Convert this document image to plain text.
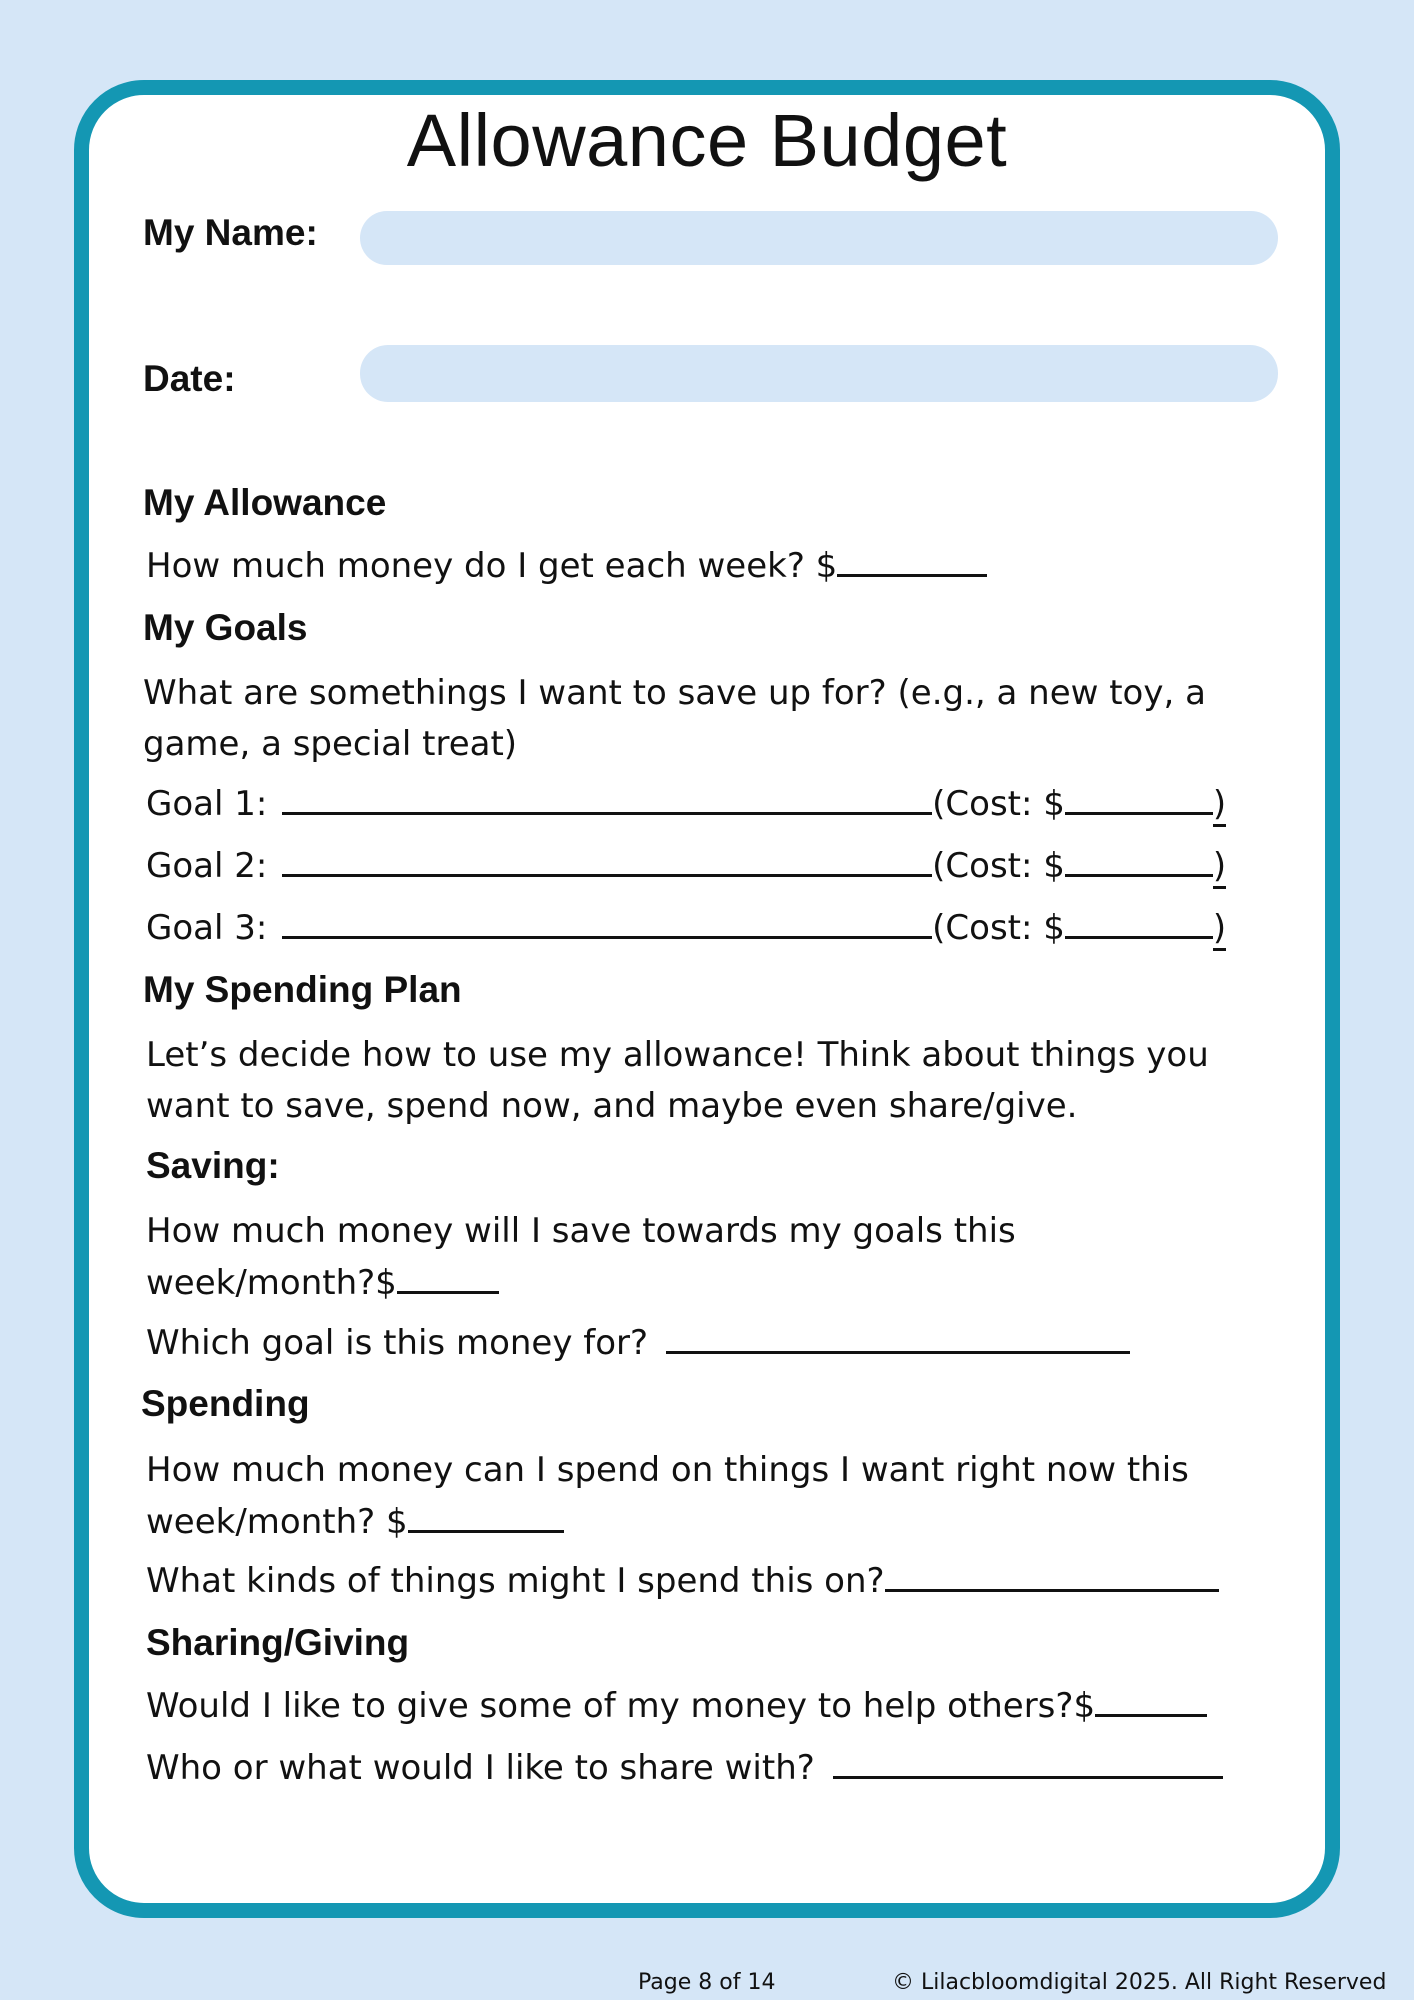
Allowance Budget
My Name:
Date:
My Allowance
How much money do I get each week? $
My Goals
What are somethings I want to save up for? (e.g., a new toy, a game, a special treat)
Goal 1:	(Cost: $	)
Goal 2:	(Cost: $	)
Goal 3:	(Cost: $	)
My Spending Plan
Let’s decide how to use my allowance! Think about things you want to save, spend now, and maybe even share/give.
Saving:
How much money will I save towards my goals this week/month?$
Which goal is this money for?
Spending
How much money can I spend on things I want right now this week/month? $
What kinds of things might I spend this on?
Sharing/Giving
Would I like to give some of my money to help others?$
Who or what would I like to share with?
Page 8 of 14	© Lilacbloomdigital 2025. All Right Reserved
